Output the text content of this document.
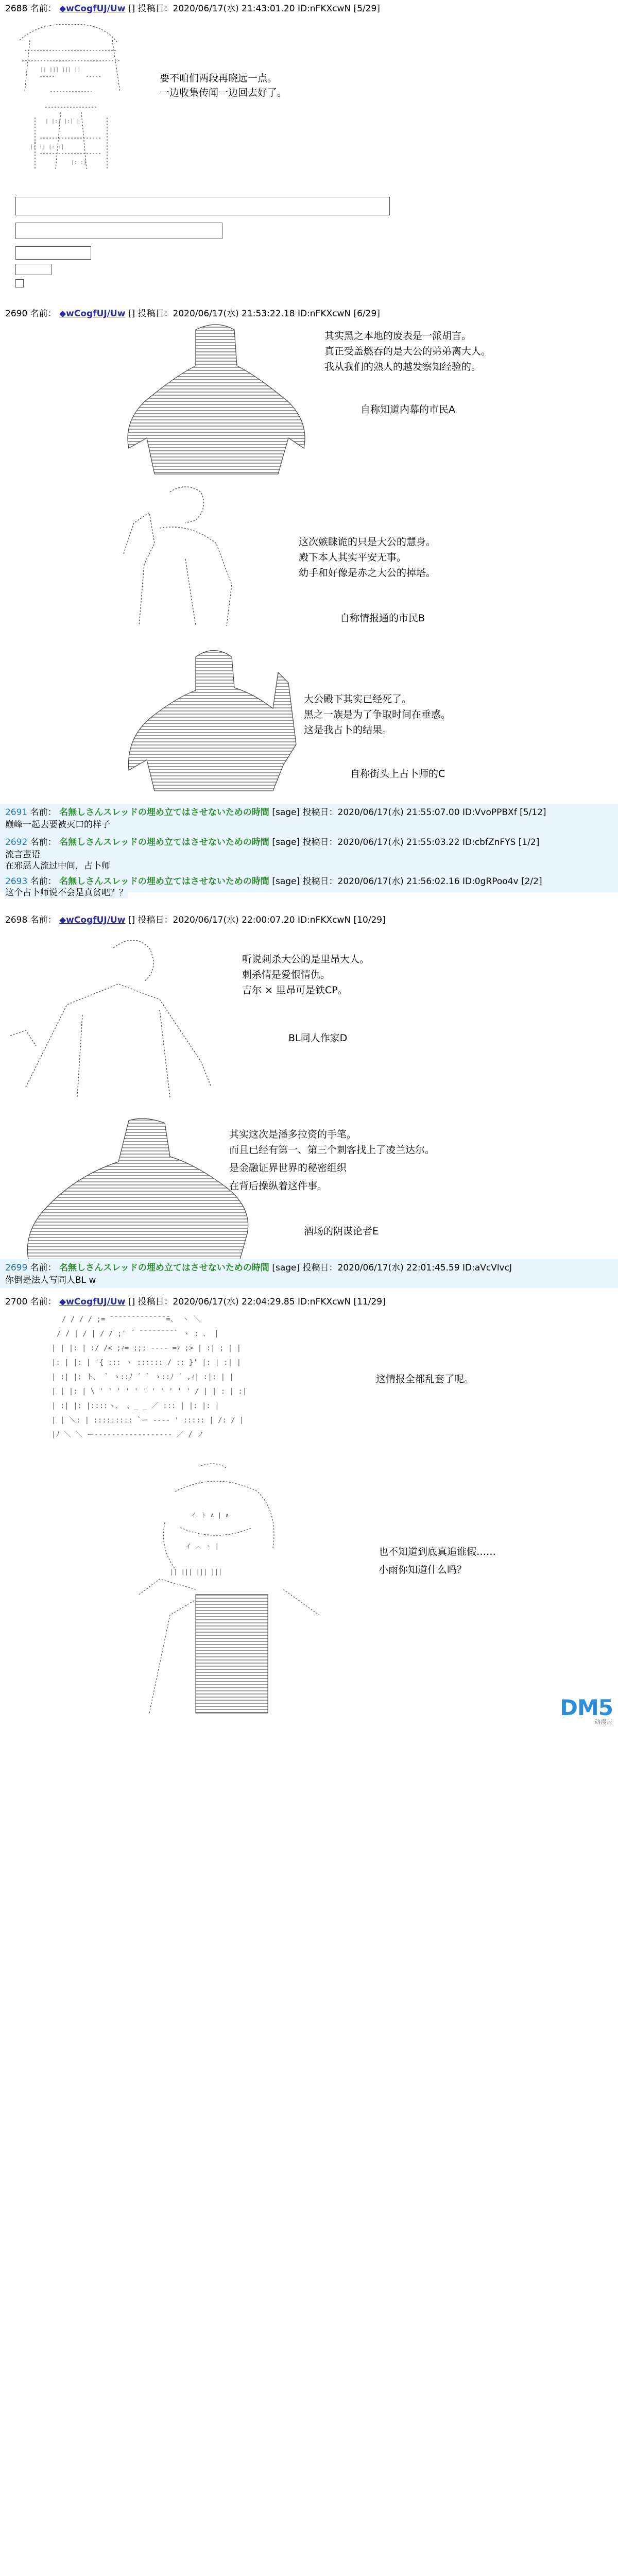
2688 名前： ◆wCogfUJ/Uw [] 投稿日：2020/06/17(水) 21:43:01.20 ID:nFKXcwN [5/29]
|| ||| ||| ||
| |:| |:| |
|: :| |: :|
|: :|
要不咱们两段再晓远一点。
一边收集传闻一边回去好了。
2690 名前： ◆wCogfUJ/Uw [] 投稿日：2020/06/17(水) 21:53:22.18 ID:nFKXcwN [6/29]
其实黑之本地的废表是一派胡言。
真正受盖燃吞的是大公的弟弟离大人。
我从我们的熟人的越发察知经验的。
自称知道内幕的市民A
这次嫉睐诡的只是大公的慧身。
殿下本人其实平安无事。
幼手和好像是赤之大公的掉塔。
自称情报通的市民B
大公殿下其实已经死了。
黑之一族是为了争取时间在垂惑。
这是我占卜的结果。
自称街头上占卜师的C
2691 名前： 名無しさんスレッドの埋め立てはさせないための時間 [sage] 投稿日：2020/06/17(水) 21:55:07.00 ID:VvoPPBXf [5/12]
巅峰一起去要被灭口的样子
2692 名前： 名無しさんスレッドの埋め立てはさせないための時間 [sage] 投稿日：2020/06/17(水) 21:55:03.22 ID:cbfZnFYS [1/2]
流言蜚语
在邪恶人流过中间，占卜师
2693 名前： 名無しさんスレッドの埋め立てはさせないための時間 [sage] 投稿日：2020/06/17(水) 21:56:02.16 ID:0gRPoo4v [2/2]
这个占卜师说不会是真贫吧？？
2698 名前： ◆wCogfUJ/Uw [] 投稿日：2020/06/17(水) 22:00:07.20 ID:nFKXcwN [10/29]
听说刺杀大公的是里昂大人。
刺杀情是爱恨情仇。
吉尔 × 里昂可是铁CP。
BL同人作家D
其实这次是潘多拉资的手笔。
而且已经有第一、第三个刺客找上了凌兰达尔。
是金融证界世界的秘密组织
在背后操纵着这件事。
酒场的阴谋论者E
2699 名前： 名無しさんスレッドの埋め立てはさせないための時間 [sage] 投稿日：2020/06/17(水) 22:01:45.59 ID:aVcVlvcJ
你倒是法人写同人BL w
2700 名前： ◆wCogfUJ/Uw [] 投稿日：2020/06/17(水) 22:04:29.85 ID:nFKXcwN [11/29]
/ / / / ;= ̄ ̄ ̄ ̄ ̄ ̄ ̄ ̄ ̄ ̄ ̄ ̄ ̄ ̄=、 ヽ ＼
/ / | / | / / ;' ´ ̄ ̄ ̄ ̄ ̄ ̄ ̄ ̄ ` ヽ ; 、 |
| | |: | :/ /< ;ｨ= ;;; ---- =ｧ ;> | :| ; | |
|: | |: | '{ ::: ヽ :::::: / :: }' |: | :| |
| :| |: ト、 ` ゝ::ﾉ ´ ` ゝ::ﾉ ´ ,ｨ| :|: | |
| | |: | \ ' ' ' ' ' ' ' ' ' ' ' / | | : | :|
| :| |: |::::ヽ、 、_ _ ／ ::: | |: |: |
| | ＼: | ::::::::: `ー ---- ' ::::: | /: / |
|ﾉ ＼ ＼ ー------------------ ／ / ノ
这情报全都乱套了呢。
イ ト ∧ | ∧
イ ︿ ヽ |
|| ||| ||| |||
也不知道到底真追谁假……
小雨你知道什么吗？
DM5
动漫屋
